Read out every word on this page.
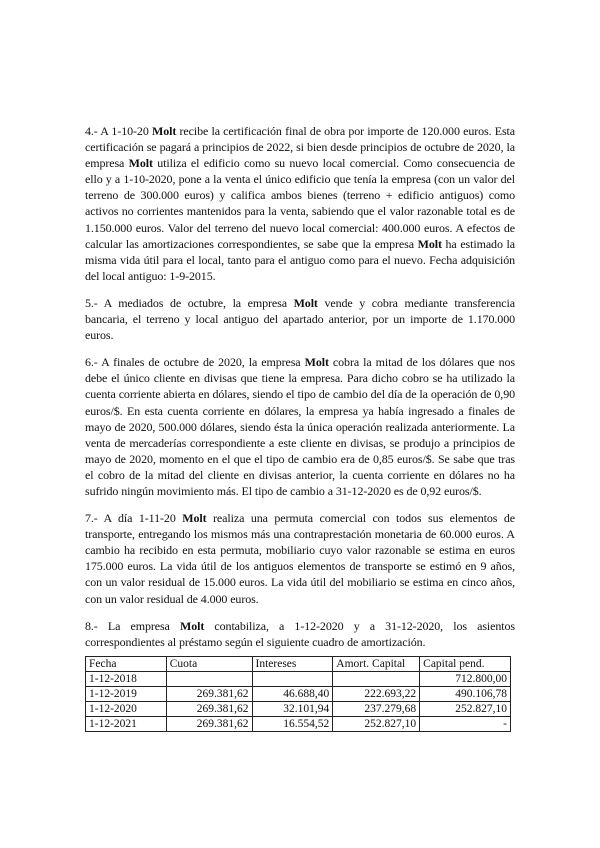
4.- A 1-10-20 Molt recibe la certificación final de obra por importe de 120.000 euros. Esta certificación se pagará a principios de 2022, si bien desde principios de octubre de 2020, la empresa Molt utiliza el edificio como su nuevo local comercial. Como consecuencia de ello y a 1-10-2020, pone a la venta el único edificio que tenía la empresa (con un valor del terreno de 300.000 euros) y califica ambos bienes (terreno + edificio antiguos) como activos no corrientes mantenidos para la venta, sabiendo que el valor razonable total es de 1.150.000 euros. Valor del terreno del nuevo local comercial: 400.000 euros. A efectos de calcular las amortizaciones correspondientes, se sabe que la empresa Molt ha estimado la misma vida útil para el local, tanto para el antiguo como para el nuevo. Fecha adquisición del local antiguo: 1-9-2015.

5.- A mediados de octubre, la empresa Molt vende y cobra mediante transferencia bancaria, el terreno y local antiguo del apartado anterior, por un importe de 1.170.000 euros.

6.- A finales de octubre de 2020, la empresa Molt cobra la mitad de los dólares que nos debe el único cliente en divisas que tiene la empresa. Para dicho cobro se ha utilizado la cuenta corriente abierta en dólares, siendo el tipo de cambio del día de la operación de 0,90 euros/$. En esta cuenta corriente en dólares, la empresa ya había ingresado a finales de mayo de 2020, 500.000 dólares, siendo ésta la única operación realizada anteriormente. La venta de mercaderías correspondiente a este cliente en divisas, se produjo a principios de mayo de 2020, momento en el que el tipo de cambio era de 0,85 euros/$. Se sabe que tras el cobro de la mitad del cliente en divisas anterior, la cuenta corriente en dólares no ha sufrido ningún movimiento más. El tipo de cambio a 31-12-2020 es de 0,92 euros/$.

7.- A día 1-11-20 Molt realiza una permuta comercial con todos sus elementos de transporte, entregando los mismos más una contraprestación monetaria de 60.000 euros. A cambio ha recibido en esta permuta, mobiliario cuyo valor razonable se estima en euros 175.000 euros. La vida útil de los antiguos elementos de transporte se estimó en 9 años, con un valor residual de 15.000 euros. La vida útil del mobiliario se estima en cinco años, con un valor residual de 4.000 euros.

8.- La empresa Molt contabiliza, a 1-12-2020 y a 31-12-2020, los asientos correspondientes al préstamo según el siguiente cuadro de amortización.

Fecha	Cuota	Intereses	Amort. Capital	Capital pend.
1-12-2018				712.800,00
1-12-2019	269.381,62	46.688,40	222.693,22	490.106,78
1-12-2020	269.381,62	32.101,94	237.279,68	252.827,10
1-12-2021	269.381,62	16.554,52	252.827,10	-
